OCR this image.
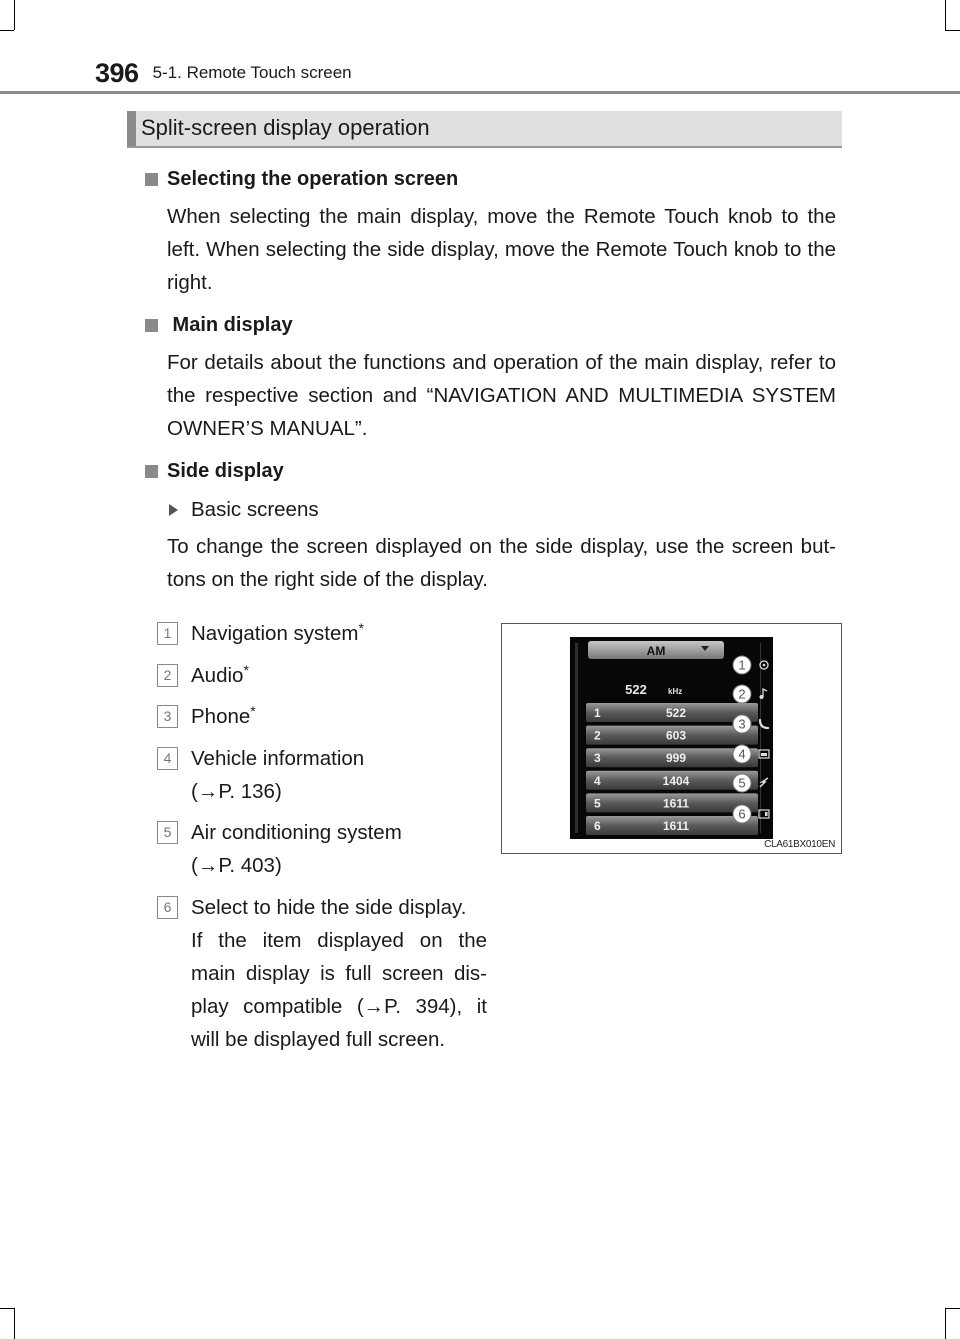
396 5-1. Remote Touch screen
Split-screen display operation
Selecting the operation screen

When selecting the main display, move the Remote Touch knob to the left. When selecting the side display, move the Remote Touch knob to the right.

Main display

For details about the functions and operation of the main display, refer to the respective section and “NAVIGATION AND MULTIMEDIA SYSTEM OWNER’S MANUAL”.

Side display
Basic screens

To change the screen displayed on the side display, use the screen but-tons on the right side of the display.

1 Navigation system*
2 Audio*
3 Phone*
4 Vehicle information
(→P. 136)
5 Air conditioning system
(→P. 403)
6 Select to hide the side display.
If the item displayed on the
main display is full screen dis-
play compatible (→P. 394), it
will be displayed full screen.
AM
522	kHz
1	522
2	603
3	999
4	1404
5	1611
6	1611
1
2
3
4
5
6
CLA61BX010EN
